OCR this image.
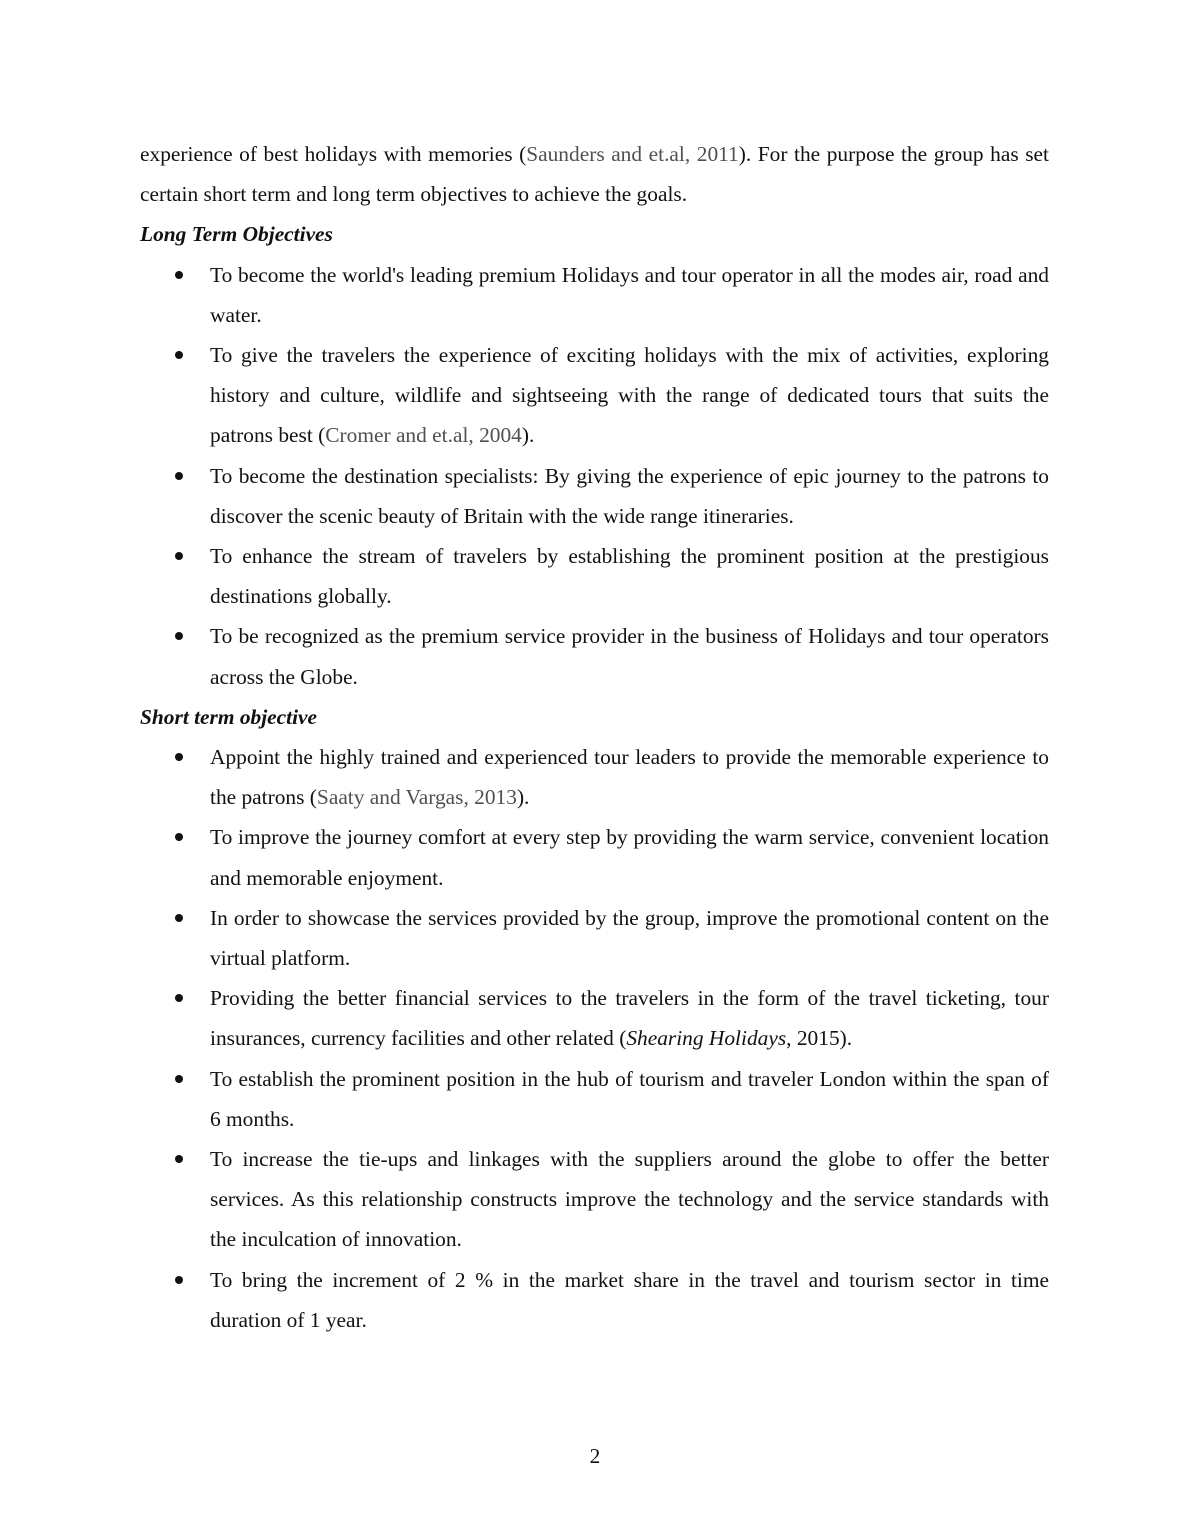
experience of best holidays with memories (Saunders and et.al, 2011). For the purpose the group has set certain short term and long term objectives to achieve the goals.

Long Term Objectives

To become the world's leading premium Holidays and tour operator in all the modes air, road and water.
To give the travelers the experience of exciting holidays with the mix of activities, exploring history and culture, wildlife and sightseeing with the range of dedicated tours that suits the patrons best (Cromer and et.al, 2004).
To become the destination specialists: By giving the experience of epic journey to the patrons to discover the scenic beauty of Britain with the wide range itineraries.
To enhance the stream of travelers by establishing the prominent position at the prestigious destinations globally.
To be recognized as the premium service provider in the business of Holidays and tour operators across the Globe.

Short term objective

Appoint the highly trained and experienced tour leaders to provide the memorable experience to the patrons (Saaty and Vargas, 2013).
To improve the journey comfort at every step by providing the warm service, convenient location and memorable enjoyment.
In order to showcase the services provided by the group, improve the promotional content on the virtual platform.
Providing the better financial services to the travelers in the form of the travel ticketing, tour insurances, currency facilities and other related (Shearing Holidays, 2015).
To establish the prominent position in the hub of tourism and traveler London within the span of 6 months.
To increase the tie-ups and linkages with the suppliers around the globe to offer the better services. As this relationship constructs improve the technology and the service standards with the inculcation of innovation.
To bring the increment of 2 % in the market share in the travel and tourism sector in time duration of 1 year.
2
